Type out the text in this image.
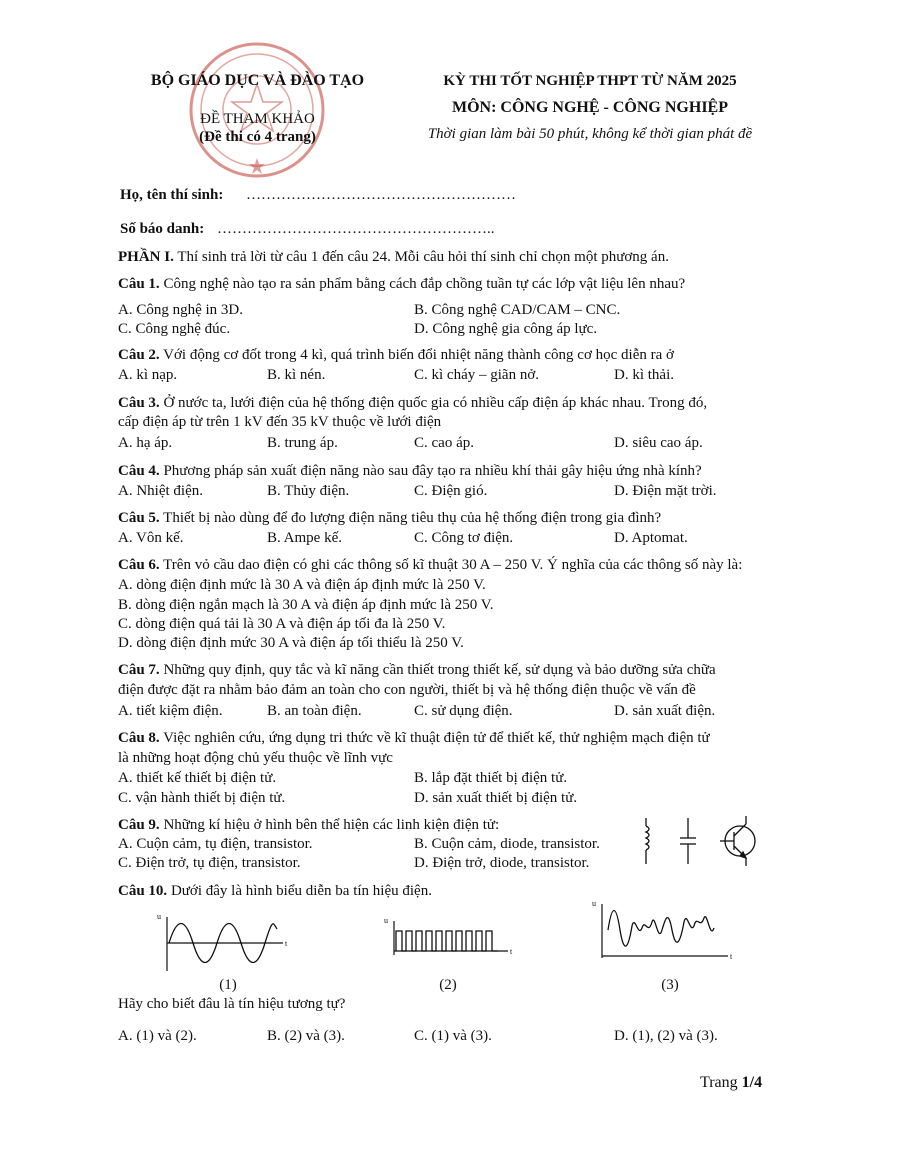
BỘ GIÁO DỤC VÀ ĐÀO TẠO
ĐỀ THAM KHẢO
(Đề thi có 4 trang)
KỲ THI TỐT NGHIỆP THPT TỪ NĂM 2025
MÔN: CÔNG NGHỆ - CÔNG NGHIỆP
Thời gian làm bài 50 phút, không kể thời gian phát đề
Họ, tên thí sinh: ………………………………………………
Số báo danh: ………………………………………………..
PHẦN I. Thí sinh trả lời từ câu 1 đến câu 24. Mỗi câu hỏi thí sinh chỉ chọn một phương án.
Câu 1. Công nghệ nào tạo ra sản phẩm bằng cách đắp chồng tuần tự các lớp vật liệu lên nhau?
A. Công nghệ in 3D.	B. Công nghệ CAD/CAM – CNC.
C. Công nghệ đúc.	D. Công nghệ gia công áp lực.
Câu 2. Với động cơ đốt trong 4 kì, quá trình biến đổi nhiệt năng thành công cơ học diễn ra ở
A. kì nạp.	B. kì nén.	C. kì cháy – giãn nở.	D. kì thải.
Câu 3. Ở nước ta, lưới điện của hệ thống điện quốc gia có nhiều cấp điện áp khác nhau. Trong đó,
cấp điện áp từ trên 1 kV đến 35 kV thuộc về lưới điện
A. hạ áp.	B. trung áp.	C. cao áp.	D. siêu cao áp.
Câu 4. Phương pháp sản xuất điện năng nào sau đây tạo ra nhiều khí thải gây hiệu ứng nhà kính?
A. Nhiệt điện.	B. Thủy điện.	C. Điện gió.	D. Điện mặt trời.
Câu 5. Thiết bị nào dùng để đo lượng điện năng tiêu thụ của hệ thống điện trong gia đình?
A. Vôn kế.	B. Ampe kế.	C. Công tơ điện.	D. Aptomat.
Câu 6. Trên vỏ cầu dao điện có ghi các thông số kĩ thuật 30 A – 250 V. Ý nghĩa của các thông số này là:
A. dòng điện định mức là 30 A và điện áp định mức là 250 V.
B. dòng điện ngắn mạch là 30 A và điện áp định mức là 250 V.
C. dòng điện quá tải là 30 A và điện áp tối đa là 250 V.
D. dòng điện định mức 30 A và điện áp tối thiểu là 250 V.
Câu 7. Những quy định, quy tắc và kĩ năng cần thiết trong thiết kế, sử dụng và bảo dưỡng sửa chữa
điện được đặt ra nhằm bảo đảm an toàn cho con người, thiết bị và hệ thống điện thuộc về vấn đề
A. tiết kiệm điện.	B. an toàn điện.	C. sử dụng điện.	D. sản xuất điện.
Câu 8. Việc nghiên cứu, ứng dụng tri thức về kĩ thuật điện tử để thiết kế, thử nghiệm mạch điện tử
là những hoạt động chủ yếu thuộc về lĩnh vực
A. thiết kế thiết bị điện tử.	B. lắp đặt thiết bị điện tử.
C. vận hành thiết bị điện tử.	D. sản xuất thiết bị điện tử.
Câu 9. Những kí hiệu ở hình bên thể hiện các linh kiện điện tử:
A. Cuộn cảm, tụ điện, transistor.	B. Cuộn cảm, diode, transistor.
C. Điện trở, tụ điện, transistor.	D. Điện trở, diode, transistor.
Câu 10. Dưới đây là hình biểu diễn ba tín hiệu điện.
u
t
(1)
u
t
(2)
u
t
(3)
Hãy cho biết đâu là tín hiệu tương tự?
A. (1) và (2).	B. (2) và (3).	C. (1) và (3).	D. (1), (2) và (3).
Trang 1/4
